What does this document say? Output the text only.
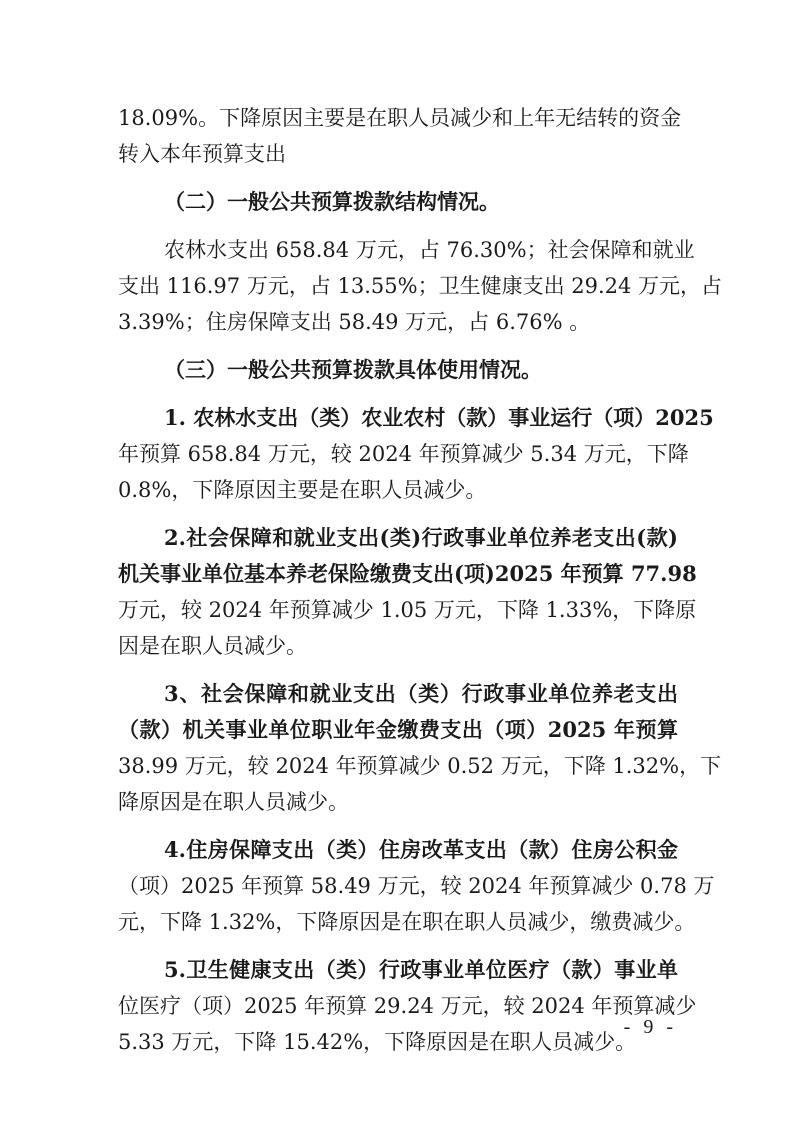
18.09%。下降原因主要是在职人员减少和上年无结转的资金
转入本年预算支出
（二）一般公共预算拨款结构情况。
农林水支出 658.84 万元，占 76.30%；社会保障和就业
支出 116.97 万元，占 13.55%；卫生健康支出 29.24 万元，占
3.39%；住房保障支出 58.49 万元，占 6.76% 。
（三）一般公共预算拨款具体使用情况。
1. 农林水支出（类）农业农村（款）事业运行（项）2025
年预算 658.84 万元，较 2024 年预算减少 5.34 万元，下降
0.8%，下降原因主要是在职人员减少。
2.社会保障和就业支出(类)行政事业单位养老支出(款)
机关事业单位基本养老保险缴费支出(项)2025 年预算 77.98
万元，较 2024 年预算减少 1.05 万元，下降 1.33%，下降原
因是在职人员减少。
3、社会保障和就业支出（类）行政事业单位养老支出
（款）机关事业单位职业年金缴费支出（项）2025 年预算
38.99 万元，较 2024 年预算减少 0.52 万元，下降 1.32%，下
降原因是在职人员减少。
4.住房保障支出（类）住房改革支出（款）住房公积金
（项）2025 年预算 58.49 万元，较 2024 年预算减少 0.78 万
元，下降 1.32%，下降原因是在职在职人员减少，缴费减少。
5.卫生健康支出（类）行政事业单位医疗（款）事业单
位医疗（项）2025 年预算 29.24 万元，较 2024 年预算减少
5.33 万元，下降 15.42%，下降原因是在职人员减少。
- 9 -
